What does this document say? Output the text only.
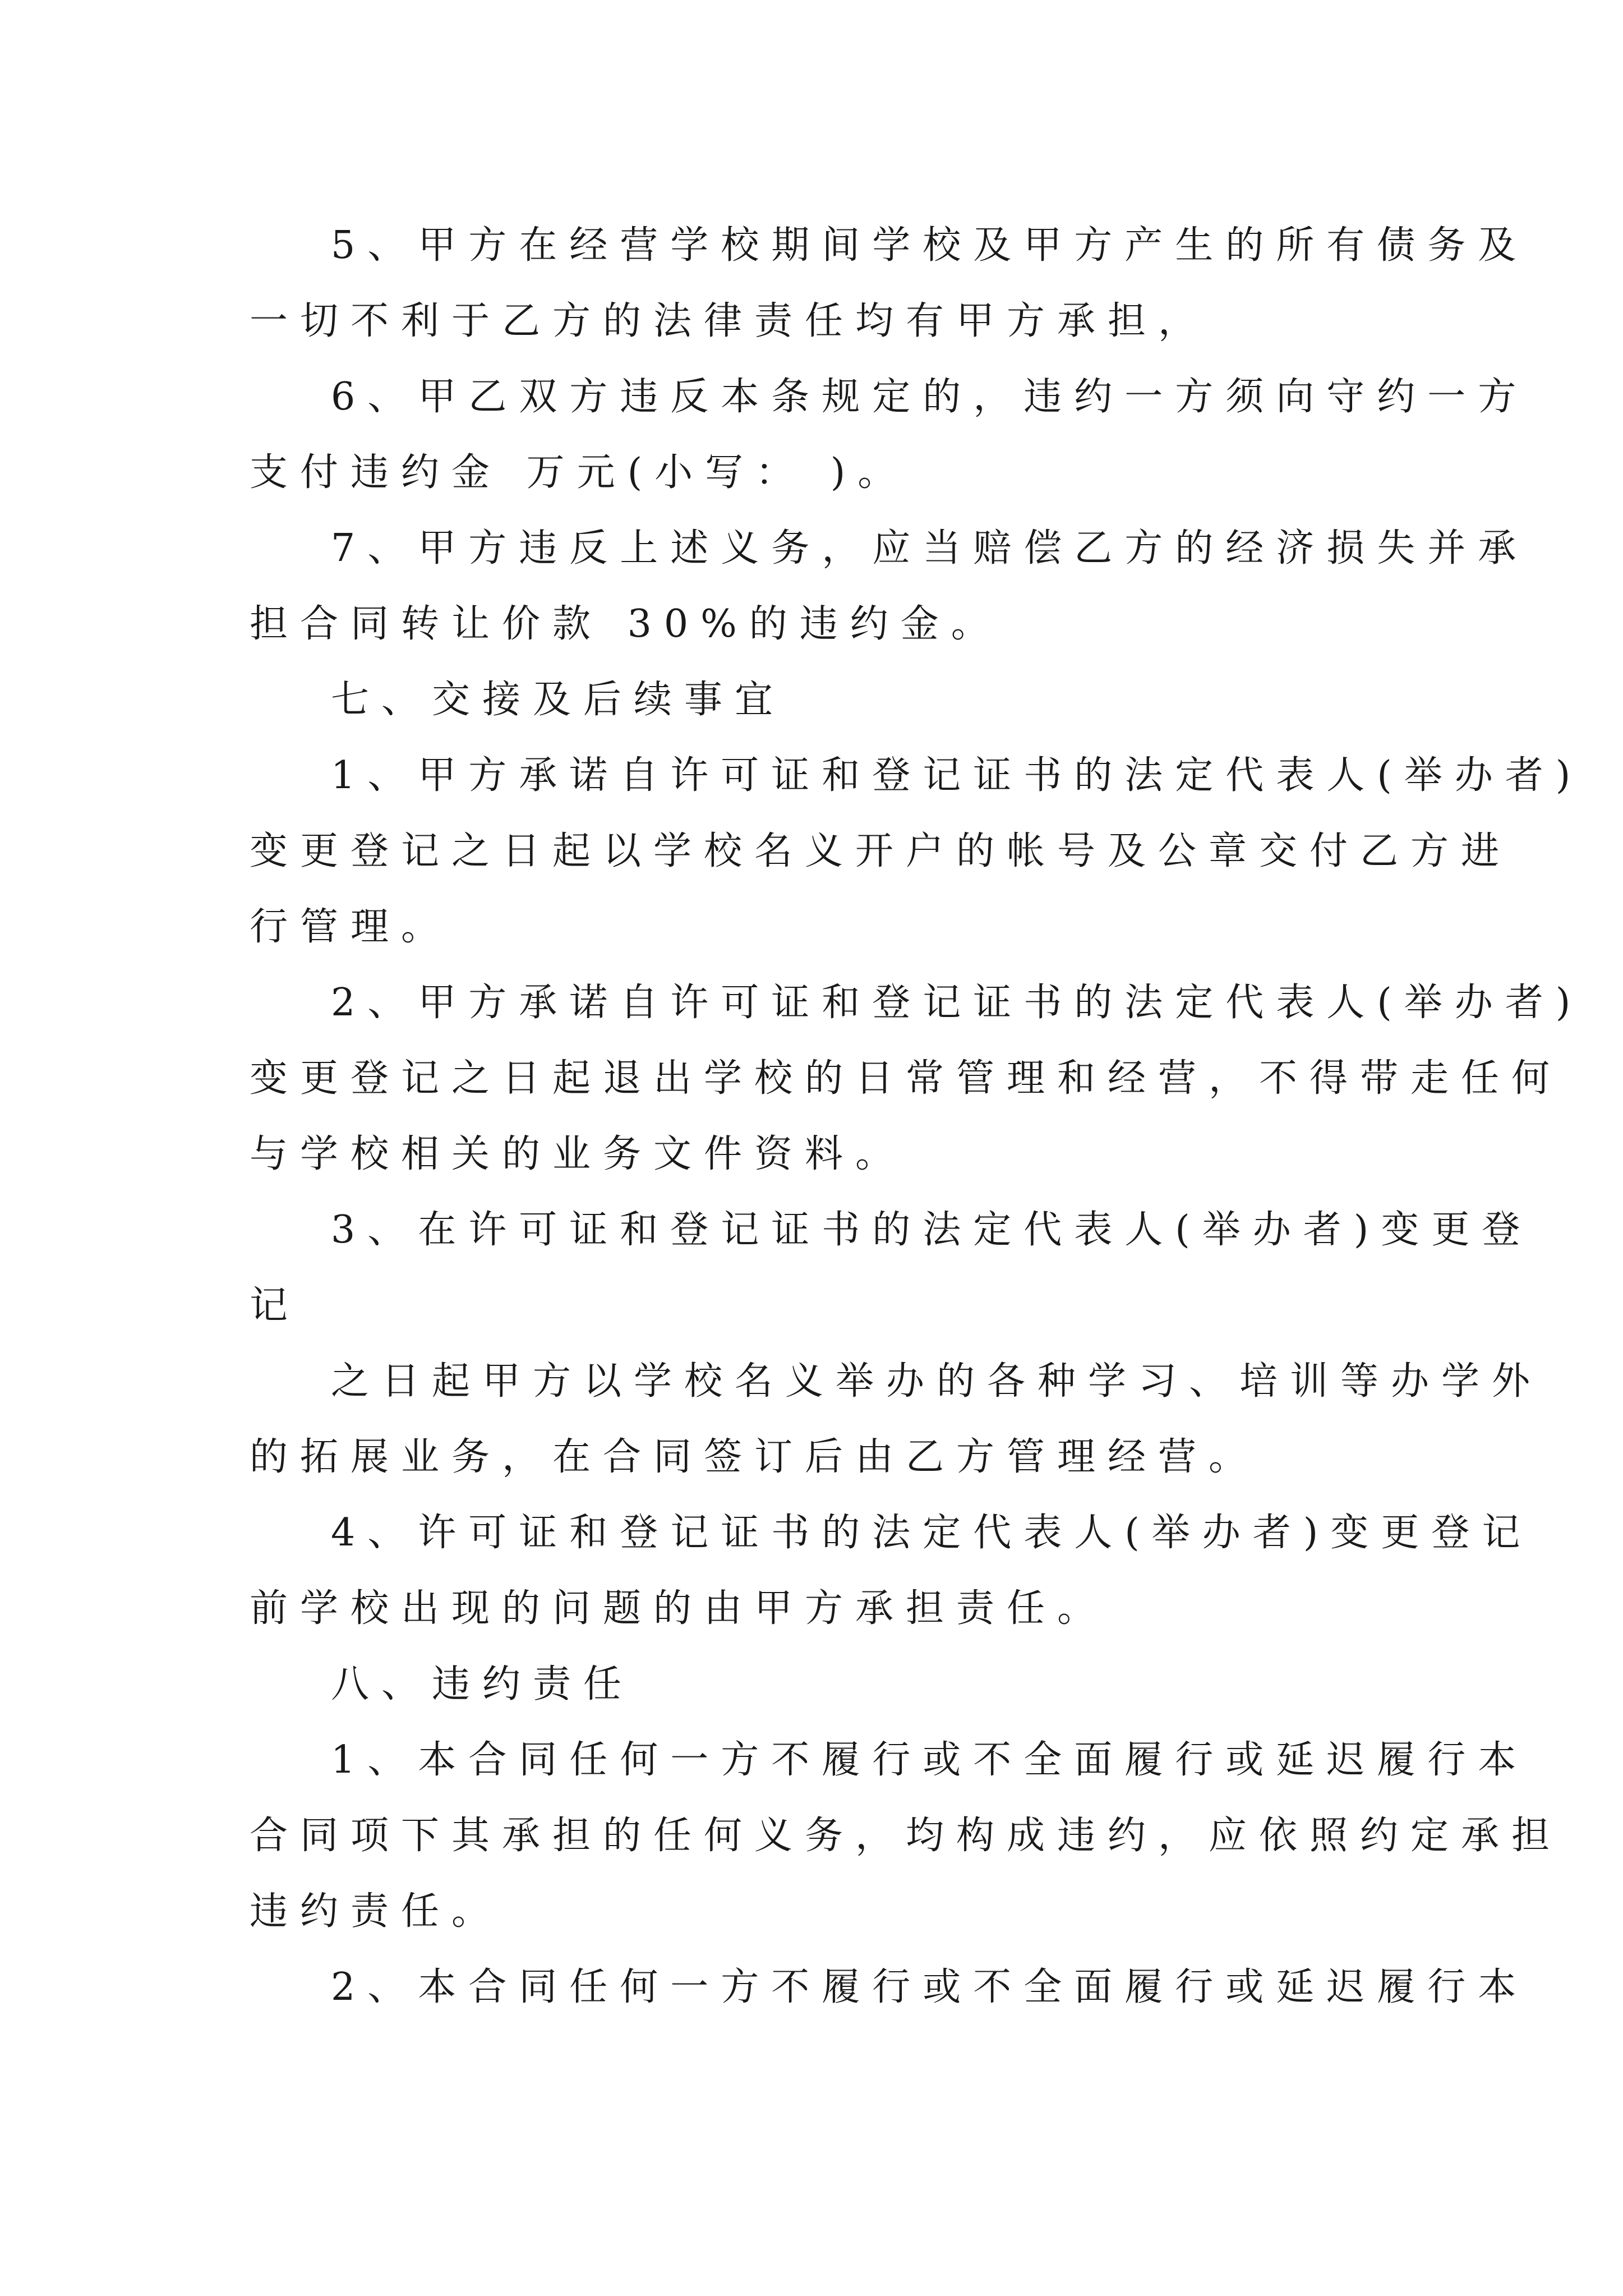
5、甲方在经营学校期间学校及甲方产生的所有债务及

一切不利于乙方的法律责任均有甲方承担，

6、甲乙双方违反本条规定的，违约一方须向守约一方

支付违约金 万元(小写： )。

7、甲方违反上述义务，应当赔偿乙方的经济损失并承

担合同转让价款 30%的违约金。

七、交接及后续事宜

1、甲方承诺自许可证和登记证书的法定代表人(举办者)

变更登记之日起以学校名义开户的帐号及公章交付乙方进

行管理。

2、甲方承诺自许可证和登记证书的法定代表人(举办者)

变更登记之日起退出学校的日常管理和经营，不得带走任何

与学校相关的业务文件资料。

3、在许可证和登记证书的法定代表人(举办者)变更登

记

之日起甲方以学校名义举办的各种学习、培训等办学外

的拓展业务，在合同签订后由乙方管理经营。

4、许可证和登记证书的法定代表人(举办者)变更登记

前学校出现的问题的由甲方承担责任。

八、违约责任

1、本合同任何一方不履行或不全面履行或延迟履行本

合同项下其承担的任何义务，均构成违约，应依照约定承担

违约责任。

2、本合同任何一方不履行或不全面履行或延迟履行本
